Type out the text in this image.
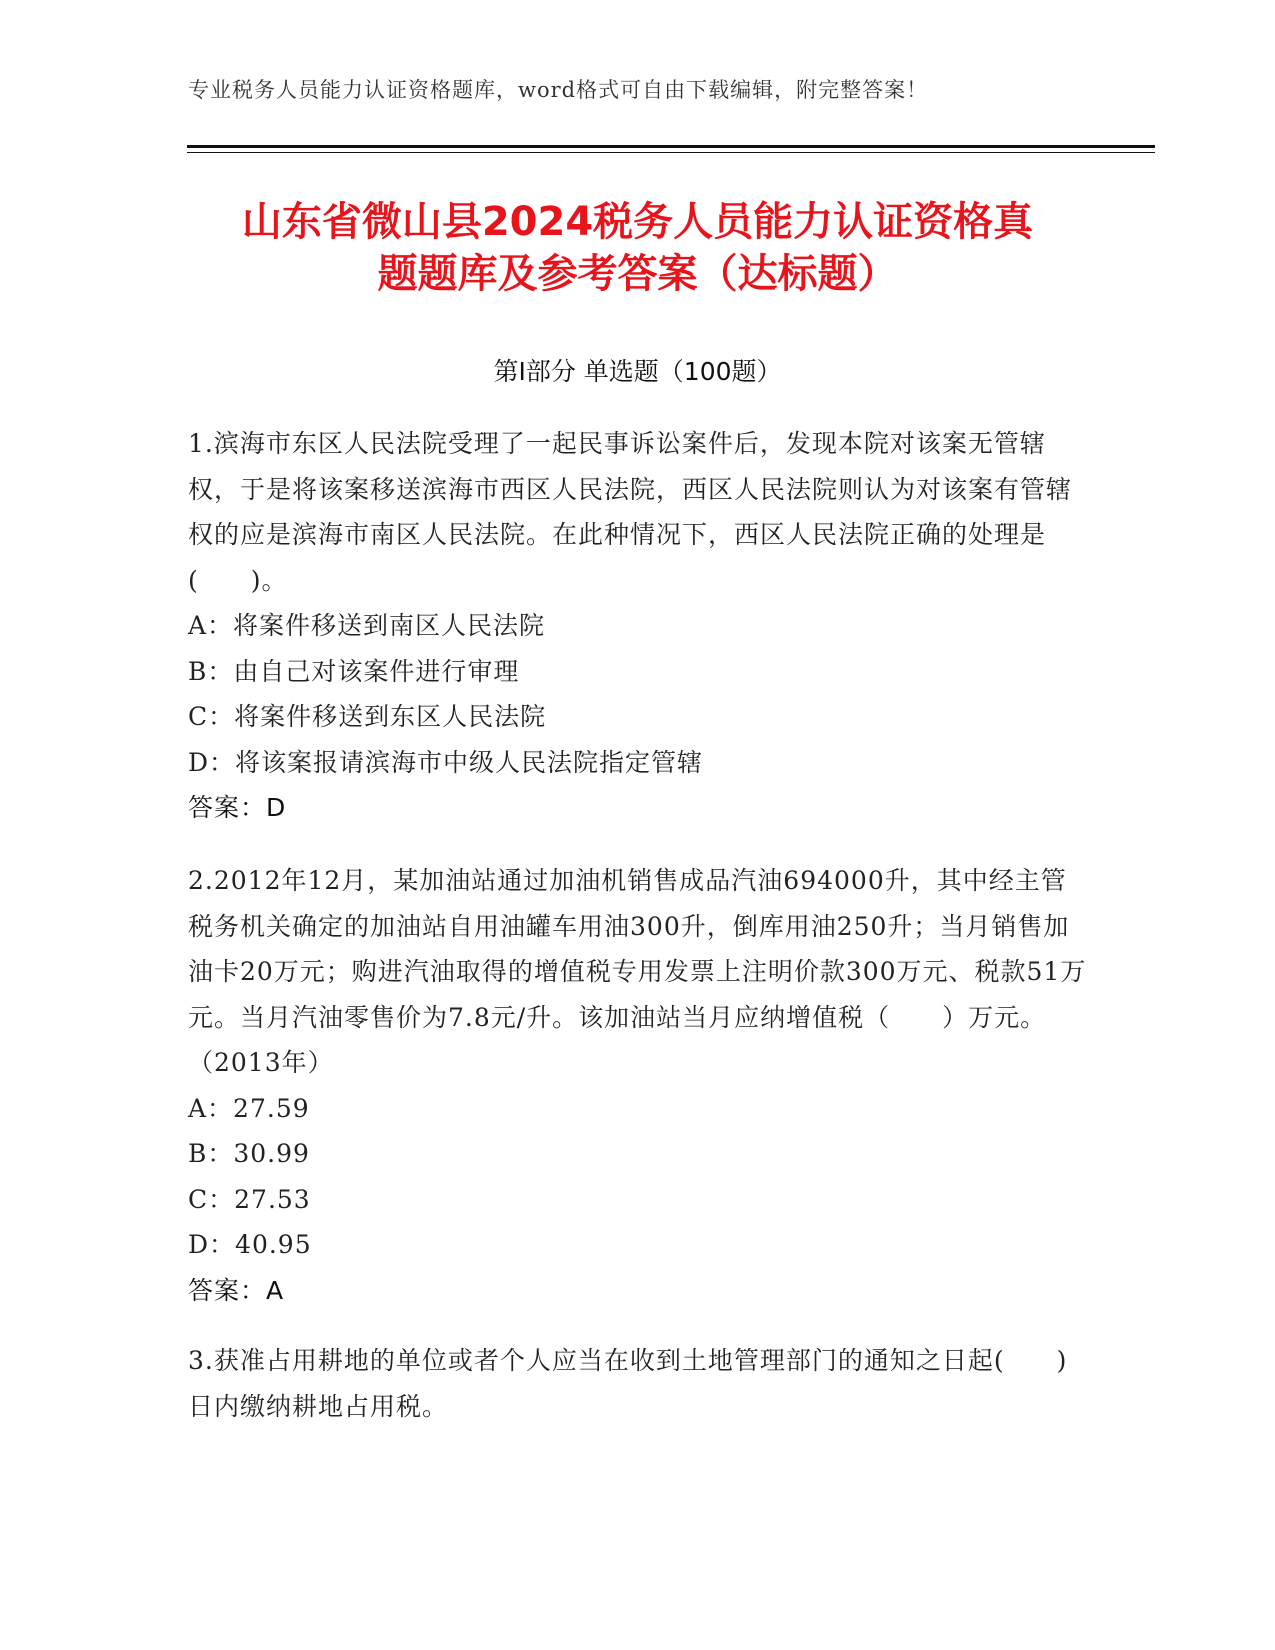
专业税务人员能力认证资格题库，word格式可自由下载编辑，附完整答案！
山东省微山县2024税务人员能力认证资格真
题题库及参考答案（达标题）
第Ⅰ部分 单选题（100题）

1.滨海市东区人民法院受理了一起民事诉讼案件后，发现本院对该案无管辖权，于是将该案移送滨海市西区人民法院，西区人民法院则认为对该案有管辖权的应是滨海市南区人民法院。在此种情况下，西区人民法院正确的处理是(　　)。

A：将案件移送到南区人民法院

B：由自己对该案件进行审理

C：将案件移送到东区人民法院

D：将该案报请滨海市中级人民法院指定管辖

答案：D

2.2012年12月，某加油站通过加油机销售成品汽油694000升，其中经主管税务机关确定的加油站自用油罐车用油300升，倒库用油250升；当月销售加油卡20万元；购进汽油取得的增值税专用发票上注明价款300万元、税款51万元。当月汽油零售价为7.8元/升。该加油站当月应纳增值税（　　）万元。（2013年）

A：27.59

B：30.99

C：27.53

D：40.95

答案：A

3.获准占用耕地的单位或者个人应当在收到土地管理部门的通知之日起(　　)日内缴纳耕地占用税。
